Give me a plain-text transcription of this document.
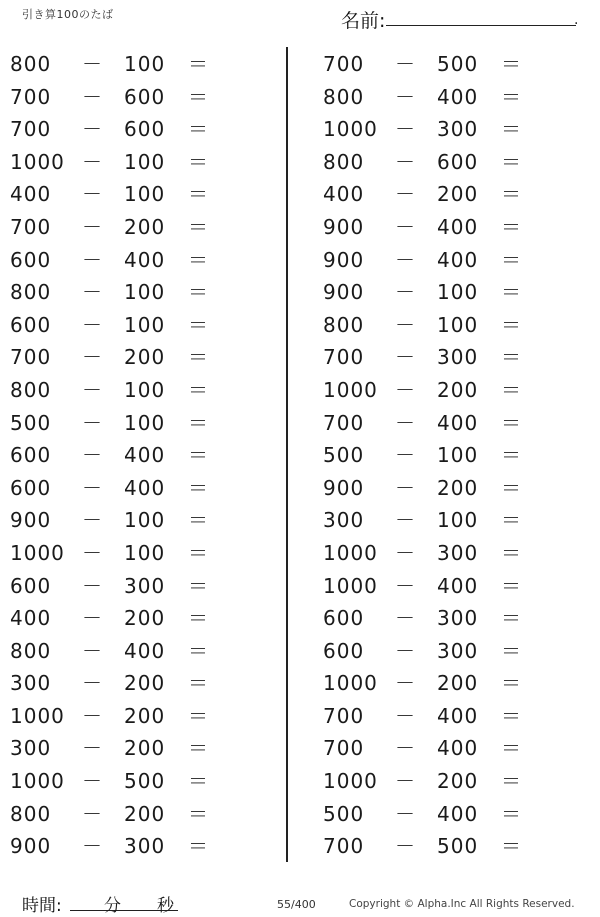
引き算100のたば	名前:	.
800 － 100 ＝
700 － 600 ＝
700 － 600 ＝
1000 － 100 ＝
400 － 100 ＝
700 － 200 ＝
600 － 400 ＝
800 － 100 ＝
600 － 100 ＝
700 － 200 ＝
800 － 100 ＝
500 － 100 ＝
600 － 400 ＝
600 － 400 ＝
900 － 100 ＝
1000 － 100 ＝
600 － 300 ＝
400 － 200 ＝
800 － 400 ＝
300 － 200 ＝
1000 － 200 ＝
300 － 200 ＝
1000 － 500 ＝
800 － 200 ＝
900 － 300 ＝
700 － 500 ＝
800 － 400 ＝
1000 － 300 ＝
800 － 600 ＝
400 － 200 ＝
900 － 400 ＝
900 － 400 ＝
900 － 100 ＝
800 － 100 ＝
700 － 300 ＝
1000 － 200 ＝
700 － 400 ＝
500 － 100 ＝
900 － 200 ＝
300 － 100 ＝
1000 － 300 ＝
1000 － 400 ＝
600 － 300 ＝
600 － 300 ＝
1000 － 200 ＝
700 － 400 ＝
700 － 400 ＝
1000 － 200 ＝
500 － 400 ＝
700 － 500 ＝
時間: 分 秒	55/400	Copyright © Alpha.Inc All Rights Reserved.
